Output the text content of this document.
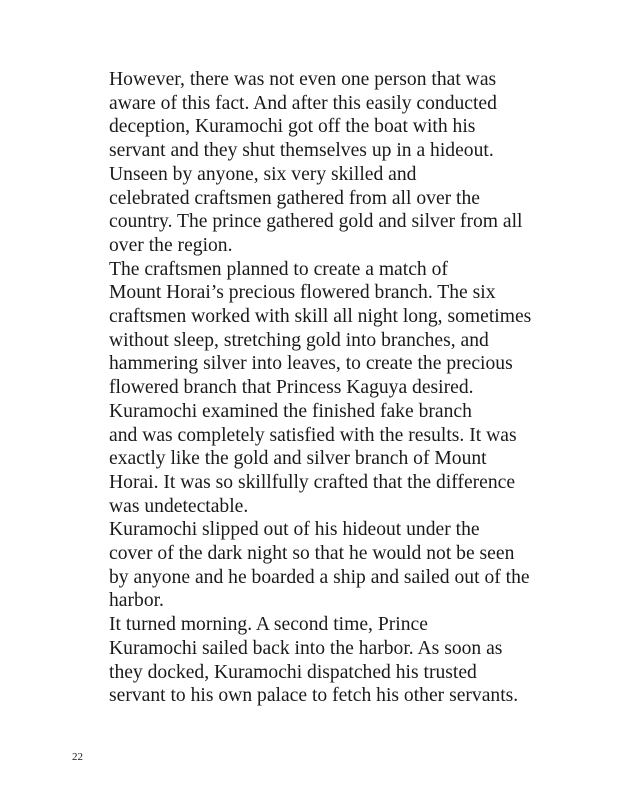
However, there was not even one person that was
aware of this fact. And after this easily conducted
deception, Kuramochi got off the boat with his
servant and they shut themselves up in a hideout.

Unseen by anyone, six very skilled and
celebrated craftsmen gathered from all over the
country. The prince gathered gold and silver from all
over the region.

The craftsmen planned to create a match of
Mount Horai’s precious flowered branch. The six
craftsmen worked with skill all night long, sometimes
without sleep, stretching gold into branches, and
hammering silver into leaves, to create the precious
flowered branch that Princess Kaguya desired.

Kuramochi examined the finished fake branch
and was completely satisfied with the results. It was
exactly like the gold and silver branch of Mount
Horai. It was so skillfully crafted that the difference
was undetectable.

Kuramochi slipped out of his hideout under the
cover of the dark night so that he would not be seen
by anyone and he boarded a ship and sailed out of the
harbor.

It turned morning. A second time, Prince
Kuramochi sailed back into the harbor. As soon as
they docked, Kuramochi dispatched his trusted
servant to his own palace to fetch his other servants.

22
